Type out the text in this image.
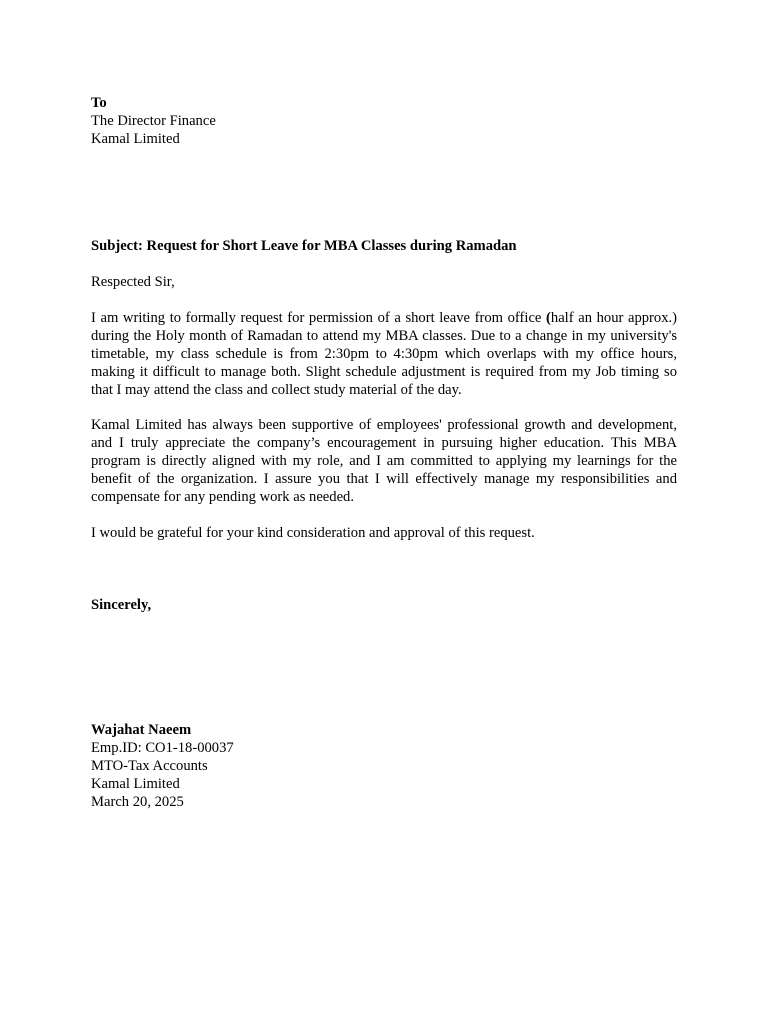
To
The Director Finance
Kamal Limited
Subject: Request for Short Leave for MBA Classes during Ramadan
Respected Sir,

I am writing to formally request for permission of a short leave from office (half an hour approx.) during the Holy month of Ramadan to attend my MBA classes. Due to a change in my university's timetable, my class schedule is from 2:30pm to 4:30pm which overlaps with my office hours, making it difficult to manage both. Slight schedule adjustment is required from my Job timing so that I may attend the class and collect study material of the day.

Kamal Limited has always been supportive of employees' professional growth and development, and I truly appreciate the company’s encouragement in pursuing higher education. This MBA program is directly aligned with my role, and I am committed to applying my learnings for the benefit of the organization. I assure you that I will effectively manage my responsibilities and compensate for any pending work as needed.

I would be grateful for your kind consideration and approval of this request.

Sincerely,
Wajahat Naeem
Emp.ID: CO1-18-00037
MTO-Tax Accounts
Kamal Limited
March 20, 2025
